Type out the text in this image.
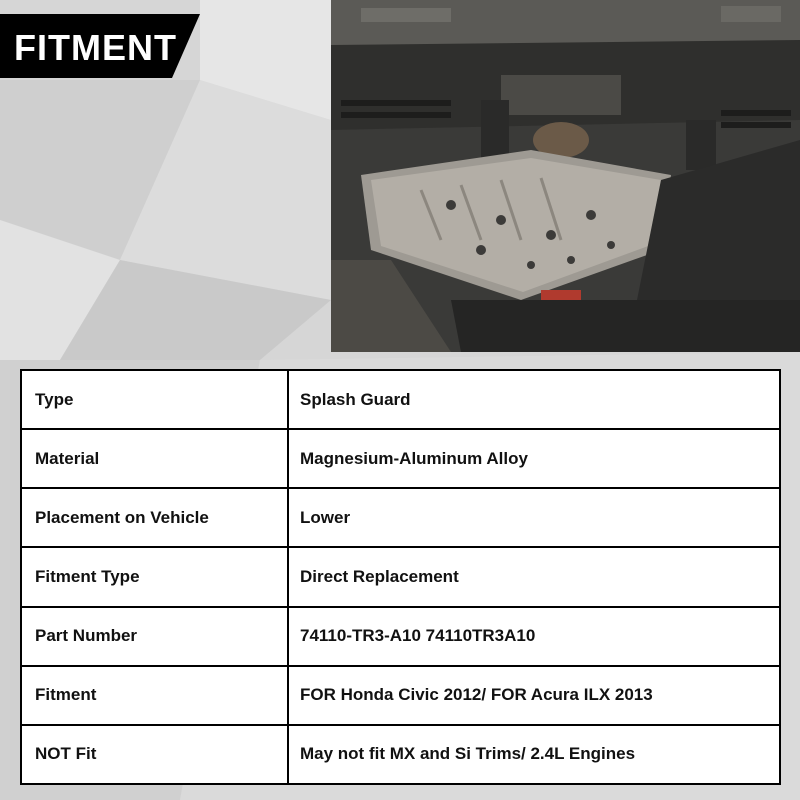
FITMENT
Type	Splash Guard
Material	Magnesium-Aluminum Alloy
Placement on Vehicle	Lower
Fitment Type	Direct Replacement
Part Number	74110-TR3-A10 74110TR3A10
Fitment	FOR Honda Civic 2012/ FOR Acura ILX 2013
NOT Fit	May not fit MX and Si Trims/ 2.4L Engines
